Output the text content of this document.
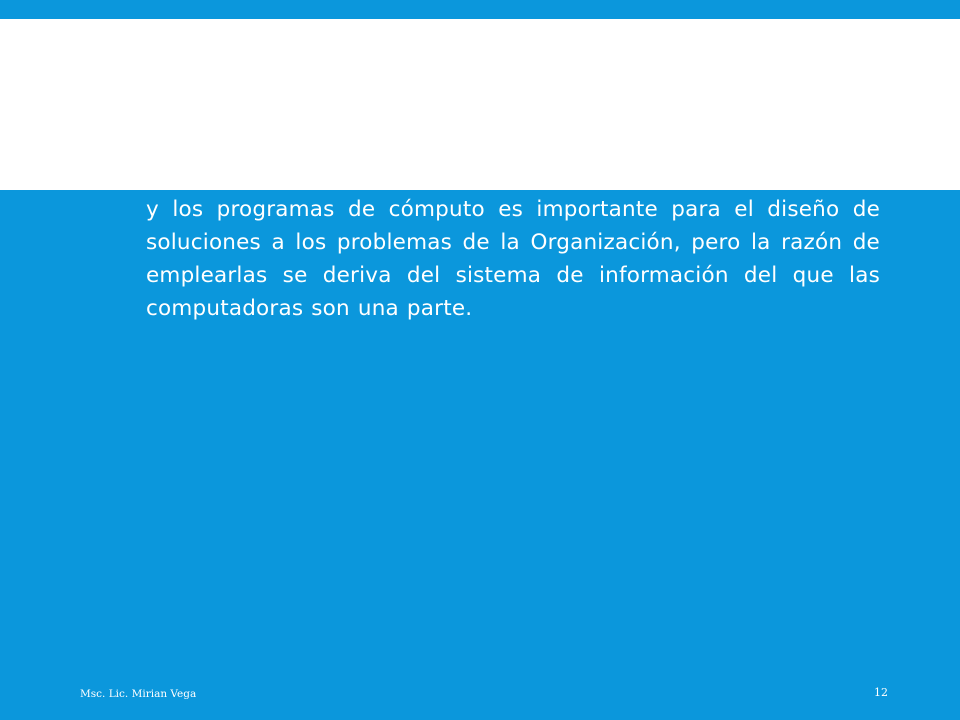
y los programas de cómputo es importante para el diseño de soluciones a los problemas de la Organización, pero la razón de emplearlas se deriva del sistema de información del que las computadoras son una parte.

Msc. Lic. Mirian Vega	12
